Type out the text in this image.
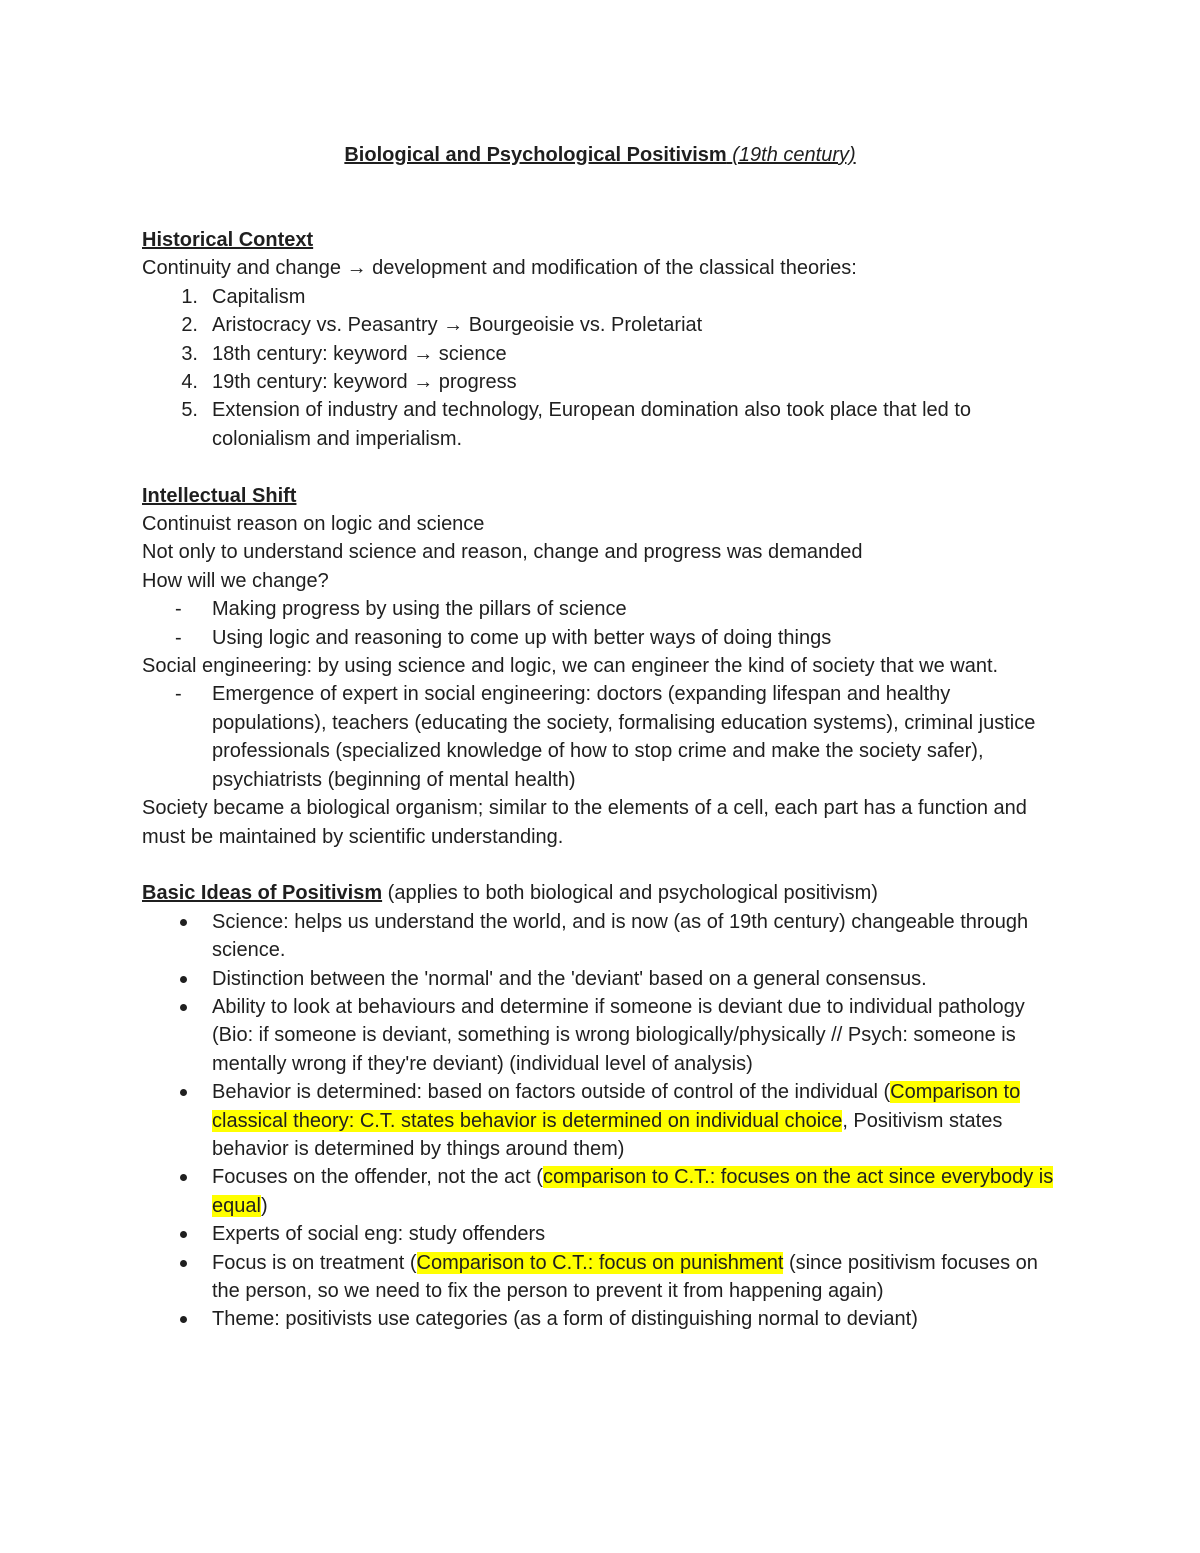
Biological and Psychological Positivism (19th century)
Historical Context

Continuity and change → development and modification of the classical theories:

1. Capitalism
2. Aristocracy vs. Peasantry → Bourgeoisie vs. Proletariat
3. 18th century: keyword → science
4. 19th century: keyword → progress
5. Extension of industry and technology, European domination also took place that led to colonialism and imperialism.
Intellectual Shift

Continuist reason on logic and science

Not only to understand science and reason, change and progress was demanded

How will we change?

- Making progress by using the pillars of science
- Using logic and reasoning to come up with better ways of doing things

Social engineering: by using science and logic, we can engineer the kind of society that we want.

- Emergence of expert in social engineering: doctors (expanding lifespan and healthy populations), teachers (educating the society, formalising education systems), criminal justice professionals (specialized knowledge of how to stop crime and make the society safer), psychiatrists (beginning of mental health)

Society became a biological organism; similar to the elements of a cell, each part has a function and must be maintained by scientific understanding.

Basic Ideas of Positivism (applies to both biological and psychological positivism)
Science: helps us understand the world, and is now (as of 19th century) changeable through science.
Distinction between the 'normal' and the 'deviant' based on a general consensus.
Ability to look at behaviours and determine if someone is deviant due to individual pathology (Bio: if someone is deviant, something is wrong biologically/physically // Psych: someone is mentally wrong if they're deviant) (individual level of analysis)
Behavior is determined: based on factors outside of control of the individual (Comparison to classical theory: C.T. states behavior is determined on individual choice, Positivism states behavior is determined by things around them)
Focuses on the offender, not the act (comparison to C.T.: focuses on the act since everybody is equal)
Experts of social eng: study offenders
Focus is on treatment (Comparison to C.T.: focus on punishment (since positivism focuses on the person, so we need to fix the person to prevent it from happening again)
Theme: positivists use categories (as a form of distinguishing normal to deviant)
